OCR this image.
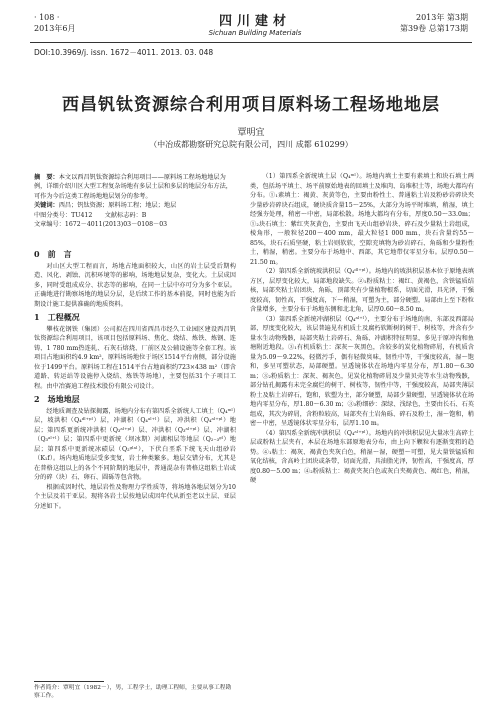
· 108 ·
2013年6月	四川建材
Sichuan Building Materials
2013年 第3期
第39卷 总第173期
DOI:10.3969/j. issn. 1672－4011. 2013. 03. 048
西昌钒钛资源综合利用项目原料场工程场地地层
覃明宜
（中冶成都勘察研究总院有限公司，四川 成都 610299）
摘　要：本文以西昌钒钛资源综合利用项目——原料场工程场地地层为例，详细介绍川区大型工程复杂场地有多层土层和多层的地层分布方法，可作为今后这类工程场地地层划分的参考。
关键词：西昌；钒钛资源；原料场工程；地层；地层
中图分类号：TU412　　 文献标志码：B
文章编号：1672－4011(2013)03－0108－03
0　前　言

对山区大型工程而言，场地占地面积较大，山区的岩土层受后期构造、风化、剥蚀、沉积环境等的影响，场地地层复杂，变化大。土层成因多，同时受组成成分、状态等的影响，在同一土层中亦可分为多个亚层。正确地进行勘察场地的地层分层，是后续工作的基本前提，同时也能为后期设计施工提供准确的地质资料。

1　工程概况

攀枝花钢铁（集团）公司拟在四川省西昌市经久工业园区建设西昌钒钛资源综合利用项目，该项目包括原料场、焦化、烧结、炼铁、炼钢、连铸、1 780 mm热连轧、石灰石熔烧、厂前区及公辅设施等全套工程。该项目占地面积约4.9 km²，原料场场地位于场区1514平台南侧，部分设施位于1499平台。原料场工程在1514平台占地面积约723×438 m²（即含道路、转运站等设施停入烧结、炼铁等场地），主要包括31个子项目工程。由中冶赛迪工程技术股份有限公司设计。

2　场地地层

经地质调查及钻探揭露，场地内分布有第四系全新统人工填土（Q₄ᵐˡ）层，坡洪积（Q₄ᵈˡ⁺ᵖˡ）层，冲湖积（Q₄ᵃˡ⁺ˡ）层，冲洪积（Q₄ᵃˡ⁺ᵖˡ）地层；第四系更新统冲洪积（Q₃ᵃˡ⁺ᵖˡ）层、冲洪积（Q₃ᵃˡ⁺ᵖˡ）层、冲湖积（Q₃ᵃˡ⁺ˡ）层；第四系中更新统（坝冰期）河湖相层等地层（Q₂₋₃ᵍˡ）地层；第四系中更新统冰碛层（Q₂ᵍˡᵃˡ），下伏白垩系下统飞天山组砂岩（K₁f）。场内地质地层受多变复，岩土种类繁多。地层交错分布，尤其是在普格这组以上的各个不同阶期的地层中，普通混杂有普格这组粘土岩或分的碎（块）石、卵石、圆砾等包含物。

根据成因时代、地层岩性及物理力学性质等，将场地各地层划分为10个主层及若干亚层。现将各岩土层按地层成因年代从新至老以主层、亚层分述如下。

（1）第四系全新统填土层（Q₄ᵐˡ）。场地内填土主要有素填土和块石填土两类，包括场平填土、场平前原始地表的回填土及堆肉、岛堆积土等，场地大都均有分布。①₁素填土：褐黄、灰黄等色，主要由粉性土、普通粘土岩及粉砂岩碎块夹少量砂岩碎块石组成，硬块质含量15～25%，大部分为场平时堆填，稍湿，填土经强夯处理，稍密～中密，局部松散。场地大都均有分布，厚度0.50～33.0m；①₂块石填土：紫红夹灰黄色，主要由飞天山组砂岩块、碎石及少量粘土岩组成，棱角形，一般粒径200～400 mm，最大粒径1 000 mm，块石含量约55～85%，块石石质坚硬，粘土岩则软软，空隙充填物为砂岩碎石、角砾和少量粉性土，稍湿，稍密。主要分布于场地中、西部，其它地带仅零星分布。层厚0.50～21.50 m。

（2）第四系全新统坡洪积层（Q₄ᵈˡ⁺ᵖˡ）。场地内的坡洪积层基本位于原地表填方区，层厚变化较大，局部地段缺失。②₁粉质粘土：褐红、黄褐色，含铁锰质结核，局部夹粘土岩团块、角砾，顶部夹有少量植物根系，切面光滑，具光泽，干强度较高，韧性高，干强度高，下～稍湿，可塑为主，部分硬塑，局部由上至下粉粒含量增多，主要分布于场地东侧和北北角，层厚0.60～8.50 m。

（3）第四系全新统冲湖积层（Q₄ᵃˡ⁺ˡ），主要分布于场地的南、东部及西部局部，厚度变化较大，该层普遍见有机质土及腐朽软断树的树干、树枝等，并含有少量水生动物残骸，局部夹粘土岩碎石、角砾、冲湖积特征明显，多见于原冲沟和鱼塘附近地段。③₁有机质粘土：深灰～灰黑色，含较多的炭化植物碎屑，有机质含量为5.09～9.22%，轻微污手，偶有轻微臭味，韧性中等，干强度较高，湿～饱和，多呈可塑状态，局部硬塑。呈透镜体状在场地内零星分布，厚1.80～6.30 m；③₂粉质粘土：深灰、褐灰色，见炭化植物碎屑及少量贝壳等水生动物残骸，部分钻孔揭露有未完全腐烂的树干、树枝等，韧性中等，干强度较高，局部夹薄层粉土及粘土岩碎石，饱和，软塑为主，部分硬塑，局部少量硬塑，呈透镜体状在场地内零星分布，厚1.80～6.30 m；③₃粉细砂：深绿、浅绿色，主要由长石、石英组成，其次为碎屑，含粉粒较高，局部夹有土岩角砾、碎石及粉土，湿～饱和，稍密～中密，呈透镜体状零星分布，层厚1.10 m。

（4）第四系全新统冲洪积层（Q₄ᵃˡ⁺ᵖˡ）。场地内的冲洪积层见大量冰生高碎土层或粉粘土层夹有，本层在场地东部原地表分布，由上向下颗粒有逐渐变粗的趋势。④₁粘土：褐灰、褐黄色夹灰白色，稍湿～湿，硬塑～可塑，见大量铁锰质和氧化结核，含高岭土团块或条带，切面光滑，具油脂光泽，韧性高，干强度高，厚度0.80～5.00 m；④₂粉质粘土：褐黄夹灰白色或灰白夹褐黄色、褐红色，稍湿，硬

作者简介：覃明宜（1982－），男，工程学士，助理工程师，主要从事工程勘察工作。
